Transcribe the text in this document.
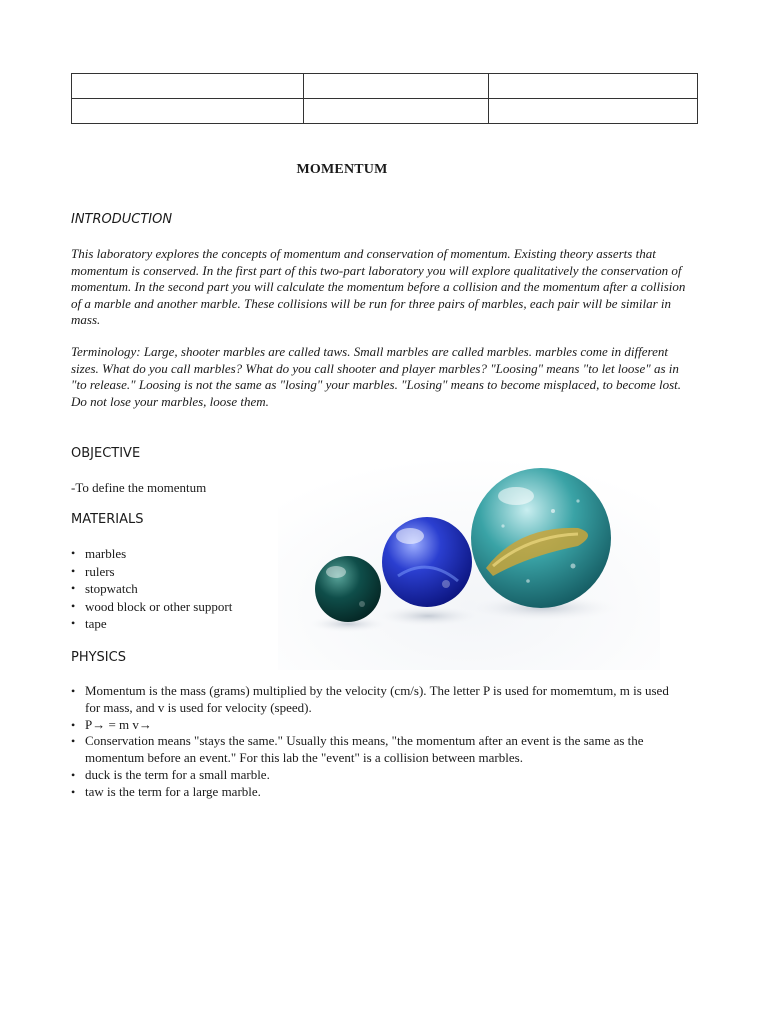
MOMENTUM
INTRODUCTION

This laboratory explores the concepts of momentum and conservation of momentum. Existing theory asserts that momentum is conserved. In the first part of this two-part laboratory you will explore qualitatively the conservation of momentum. In the second part you will calculate the momentum before a collision and the momentum after a collision of a marble and another marble. These collisions will be run for three pairs of marbles, each pair will be similar in mass.

Terminology: Large, shooter marbles are called taws. Small marbles are called marbles. marbles come in different sizes. What do you call marbles? What do you call shooter and player marbles? "Loosing" means "to let loose" as in "to release." Loosing is not the same as "losing" your marbles. "Losing" means to become misplaced, to become lost. Do not lose your marbles, loose them.

OBJECTIVE
-To define the momentum
MATERIALS
• marbles
• rulers
• stopwatch
• wood block or other support
• tape
PHYSICS
• Momentum is the mass (grams) multiplied by the velocity (cm/s). The letter P is used for momemtum, m is used for mass, and v is used for velocity (speed).
• P→ = m v→
• Conservation means "stays the same." Usually this means, "the momentum after an event is the same as the momentum before an event." For this lab the "event" is a collision between marbles.
• duck is the term for a small marble.
• taw is the term for a large marble.
